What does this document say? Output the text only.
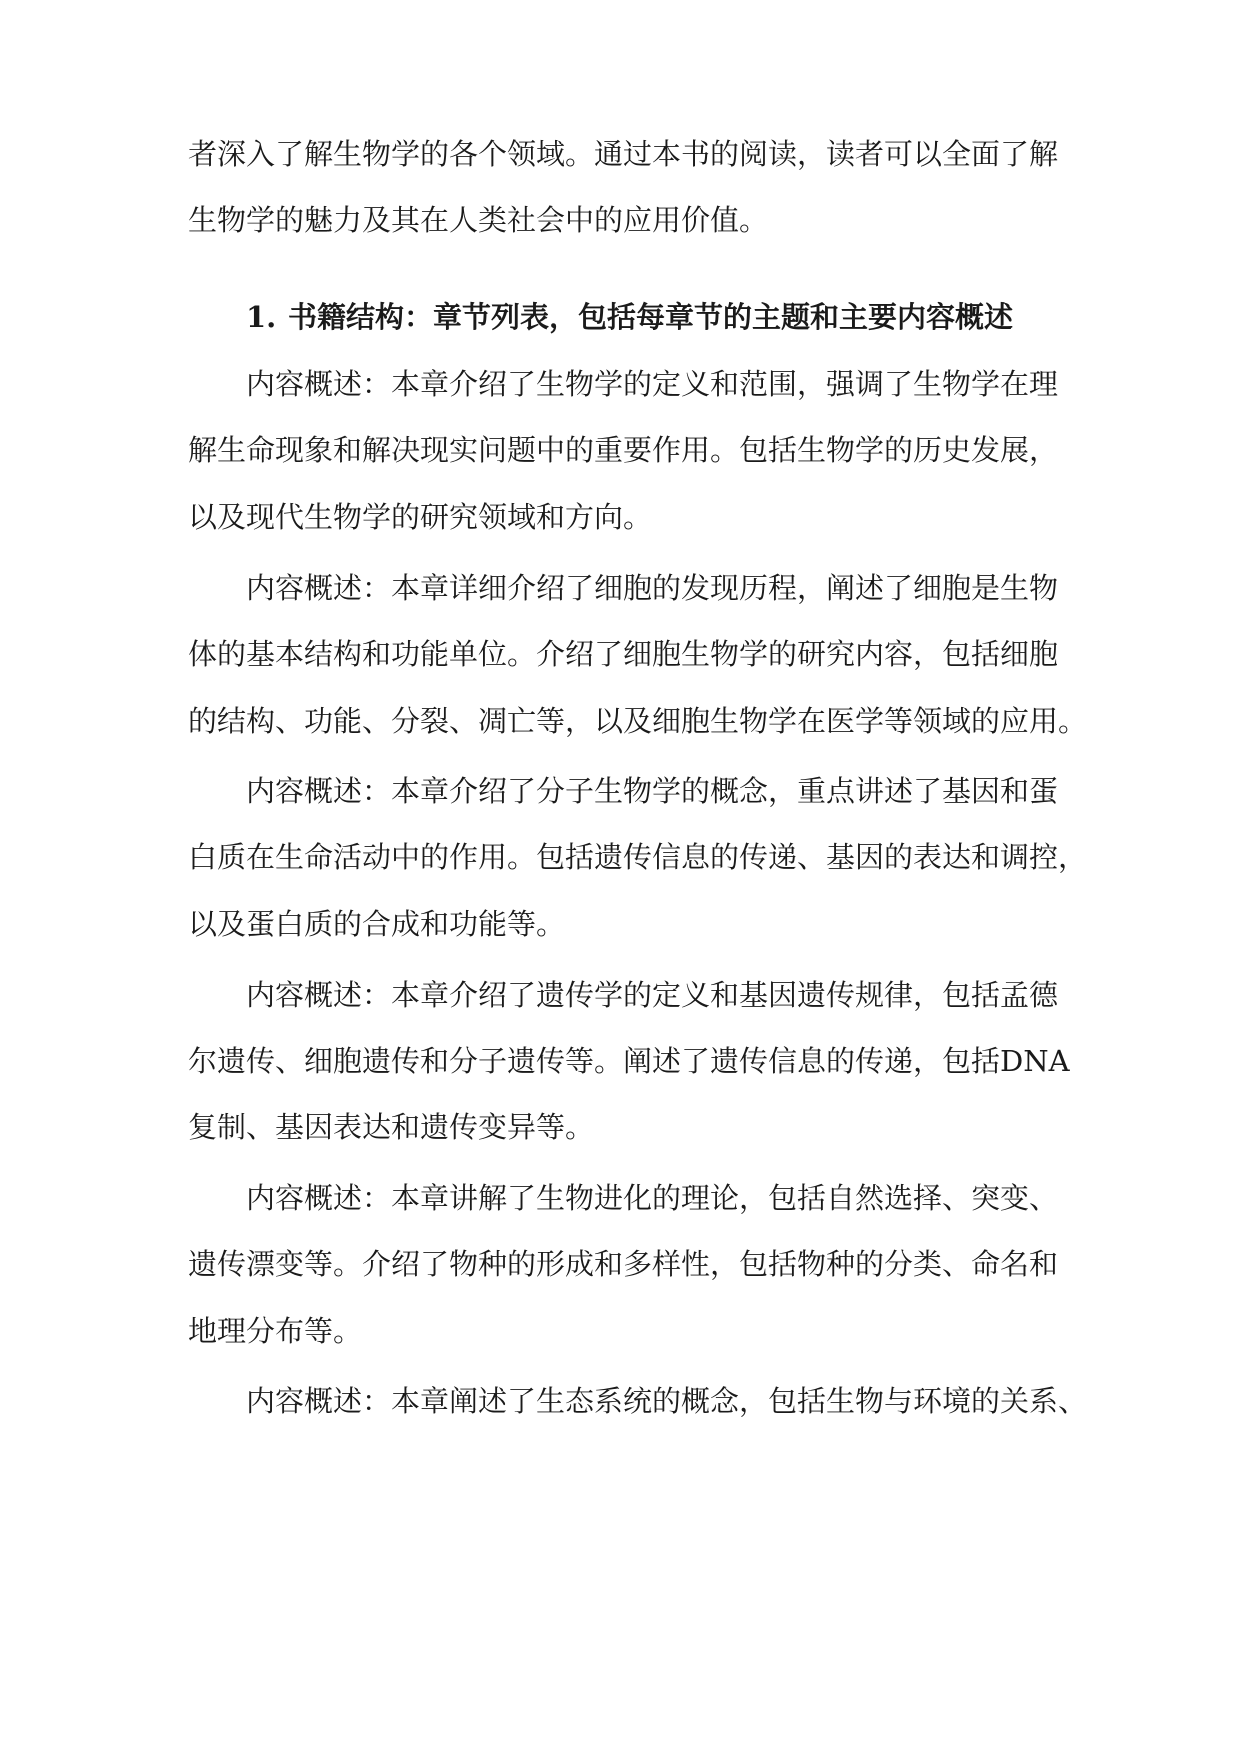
者深入了解生物学的各个领域。通过本书的阅读，读者可以全面了解

生物学的魅力及其在人类社会中的应用价值。

1. 书籍结构：章节列表，包括每章节的主题和主要内容概述

内容概述：本章介绍了生物学的定义和范围，强调了生物学在理

解生命现象和解决现实问题中的重要作用。包括生物学的历史发展，

以及现代生物学的研究领域和方向。

内容概述：本章详细介绍了细胞的发现历程，阐述了细胞是生物

体的基本结构和功能单位。介绍了细胞生物学的研究内容，包括细胞

的结构、功能、分裂、凋亡等，以及细胞生物学在医学等领域的应用。

内容概述：本章介绍了分子生物学的概念，重点讲述了基因和蛋

白质在生命活动中的作用。包括遗传信息的传递、基因的表达和调控，

以及蛋白质的合成和功能等。

内容概述：本章介绍了遗传学的定义和基因遗传规律，包括孟德

尔遗传、细胞遗传和分子遗传等。阐述了遗传信息的传递，包括DNA

复制、基因表达和遗传变异等。

内容概述：本章讲解了生物进化的理论，包括自然选择、突变、

遗传漂变等。介绍了物种的形成和多样性，包括物种的分类、命名和

地理分布等。

内容概述：本章阐述了生态系统的概念，包括生物与环境的关系、
